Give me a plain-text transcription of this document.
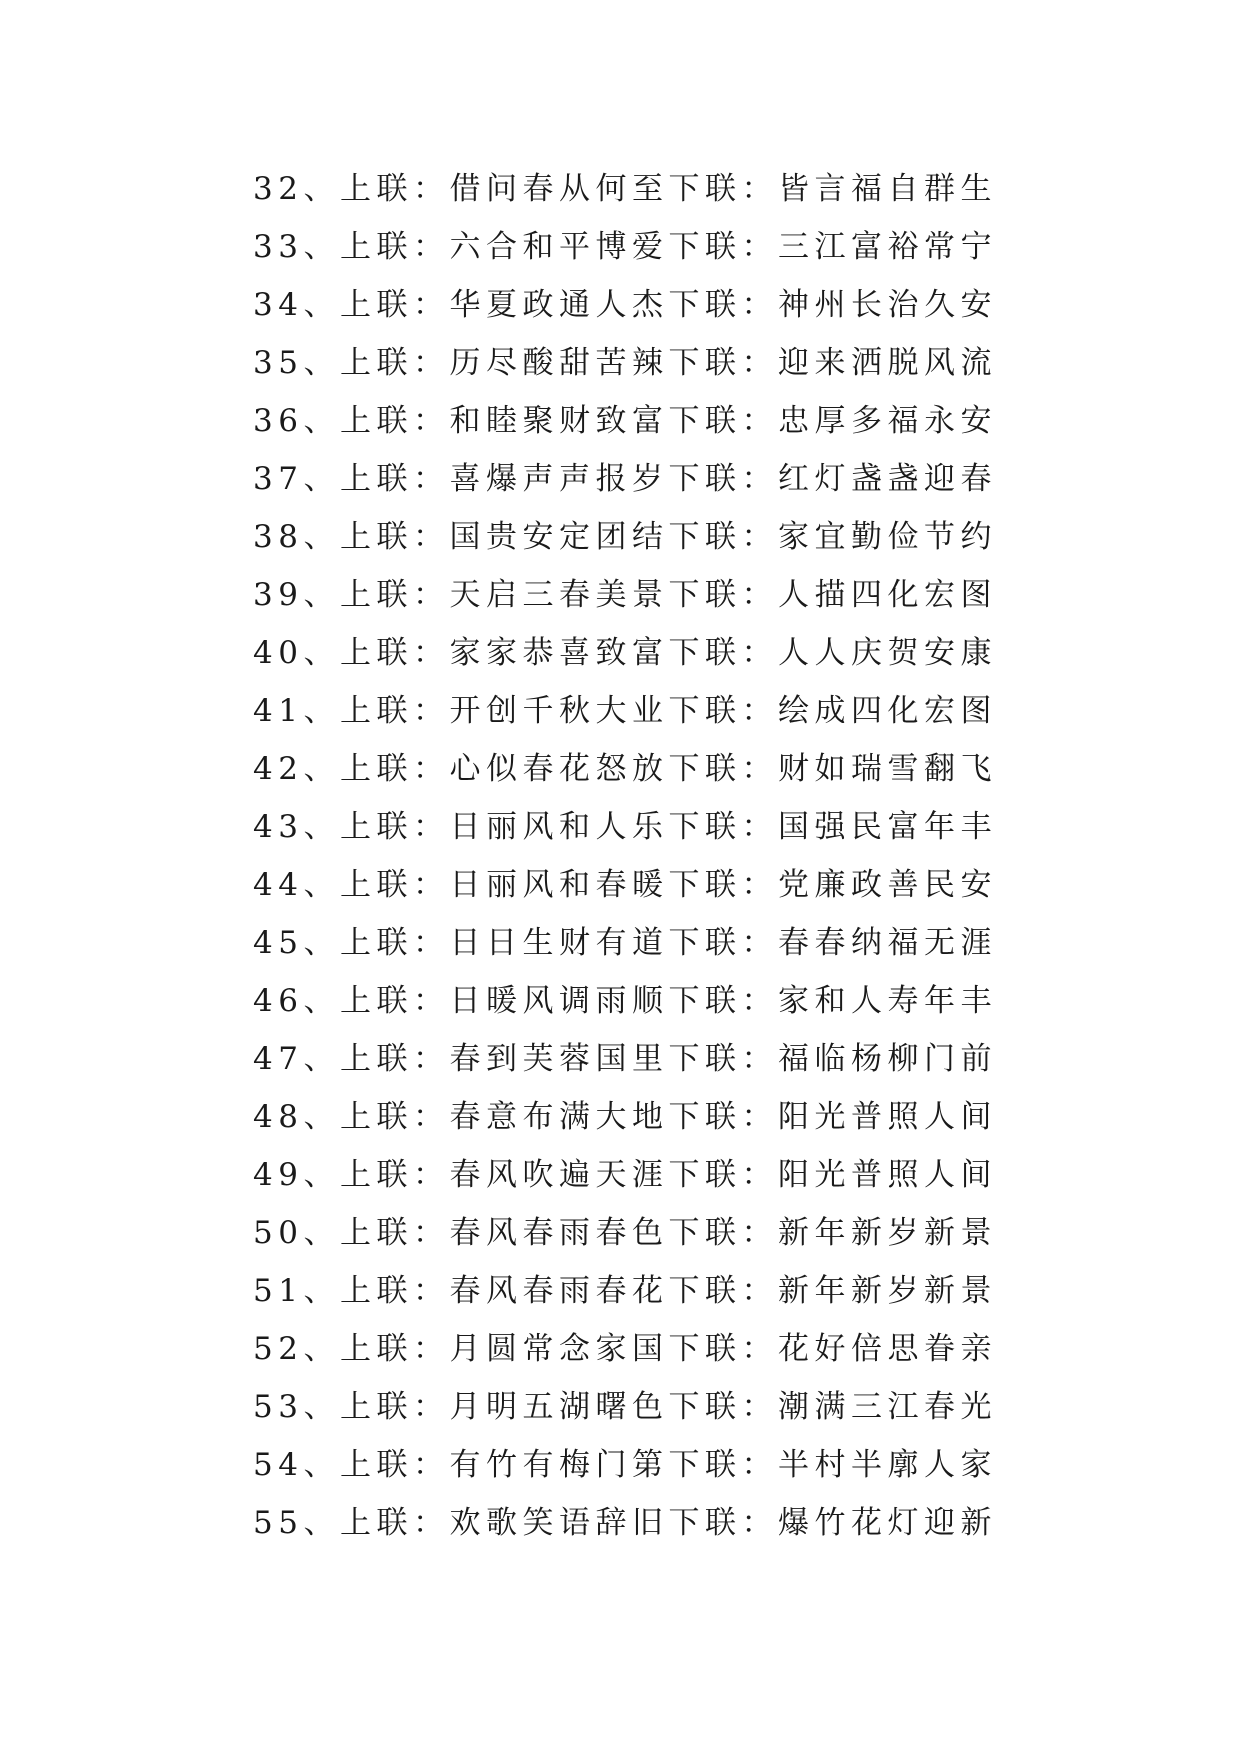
32、上联：借问春从何至下联：皆言福自群生
33、上联：六合和平博爱下联：三江富裕常宁
34、上联：华夏政通人杰下联：神州长治久安
35、上联：历尽酸甜苦辣下联：迎来洒脱风流
36、上联：和睦聚财致富下联：忠厚多福永安
37、上联：喜爆声声报岁下联：红灯盏盏迎春
38、上联：国贵安定团结下联：家宜勤俭节约
39、上联：天启三春美景下联：人描四化宏图
40、上联：家家恭喜致富下联：人人庆贺安康
41、上联：开创千秋大业下联：绘成四化宏图
42、上联：心似春花怒放下联：财如瑞雪翻飞
43、上联：日丽风和人乐下联：国强民富年丰
44、上联：日丽风和春暖下联：党廉政善民安
45、上联：日日生财有道下联：春春纳福无涯
46、上联：日暖风调雨顺下联：家和人寿年丰
47、上联：春到芙蓉国里下联：福临杨柳门前
48、上联：春意布满大地下联：阳光普照人间
49、上联：春风吹遍天涯下联：阳光普照人间
50、上联：春风春雨春色下联：新年新岁新景
51、上联：春风春雨春花下联：新年新岁新景
52、上联：月圆常念家国下联：花好倍思眷亲
53、上联：月明五湖曙色下联：潮满三江春光
54、上联：有竹有梅门第下联：半村半廓人家
55、上联：欢歌笑语辞旧下联：爆竹花灯迎新
